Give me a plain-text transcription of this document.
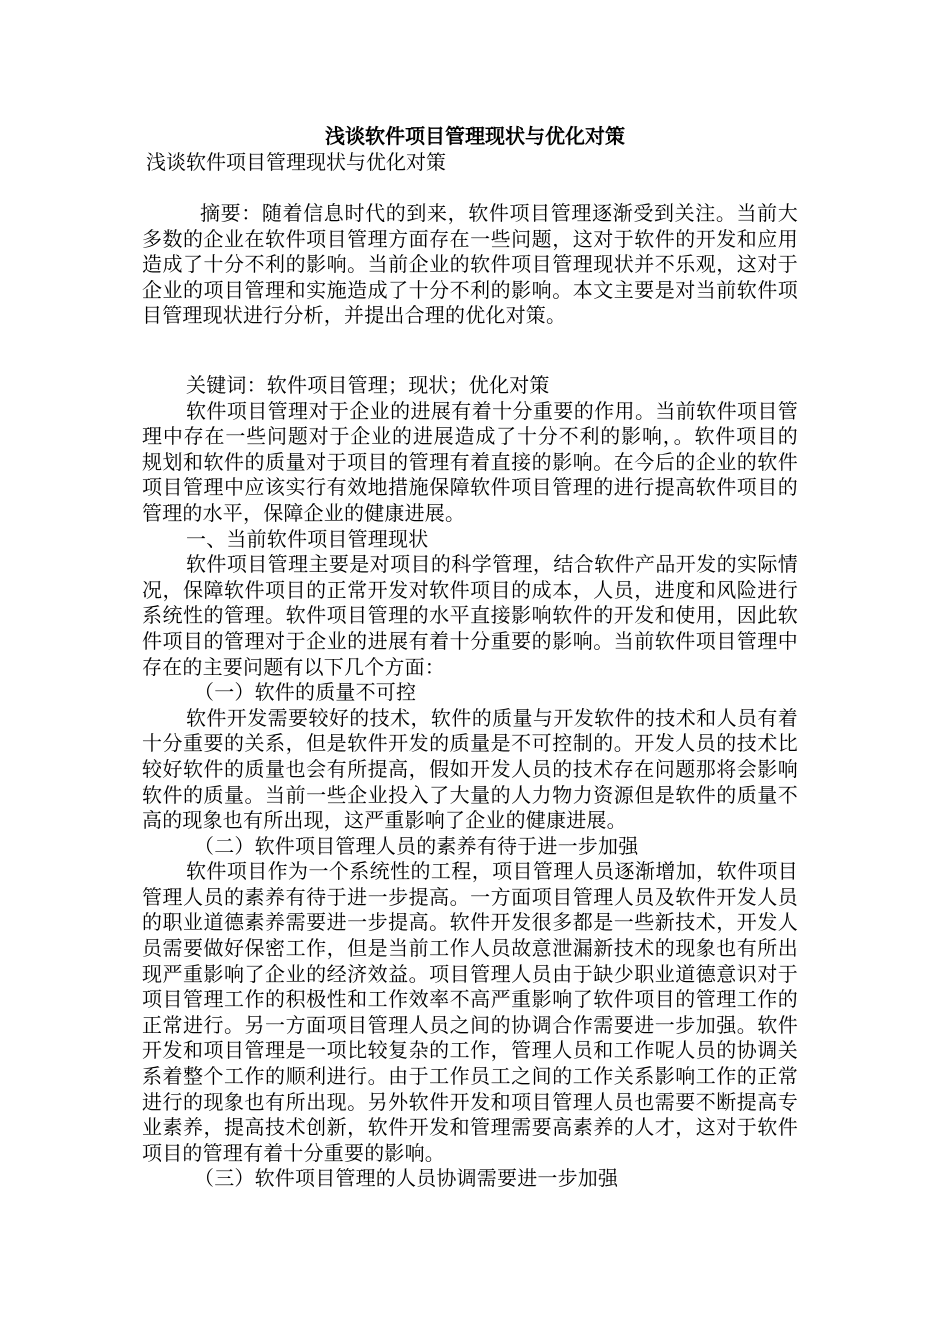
浅谈软件项目管理现状与优化对策
浅谈软件项目管理现状与优化对策

摘要：随着信息时代的到来，软件项目管理逐渐受到关注。当前大多数的企业在软件项目管理方面存在一些问题，这对于软件的开发和应用造成了十分不利的影响。当前企业的软件项目管理现状并不乐观，这对于企业的项目管理和实施造成了十分不利的影响。本文主要是对当前软件项目管理现状进行分析，并提出合理的优化对策。

关键词：软件项目管理；现状；优化对策

软件项目管理对于企业的进展有着十分重要的作用。当前软件项目管理中存在一些问题对于企业的进展造成了十分不利的影响，。软件项目的规划和软件的质量对于项目的管理有着直接的影响。在今后的企业的软件项目管理中应该实行有效地措施保障软件项目管理的进行提高软件项目的管理的水平，保障企业的健康进展。

一、当前软件项目管理现状

软件项目管理主要是对项目的科学管理，结合软件产品开发的实际情况，保障软件项目的正常开发对软件项目的成本，人员，进度和风险进行系统性的管理。软件项目管理的水平直接影响软件的开发和使用，因此软件项目的管理对于企业的进展有着十分重要的影响。当前软件项目管理中存在的主要问题有以下几个方面：

（一）软件的质量不可控

软件开发需要较好的技术，软件的质量与开发软件的技术和人员有着十分重要的关系，但是软件开发的质量是不可控制的。开发人员的技术比较好软件的质量也会有所提高，假如开发人员的技术存在问题那将会影响软件的质量。当前一些企业投入了大量的人力物力资源但是软件的质量不高的现象也有所出现，这严重影响了企业的健康进展。

（二）软件项目管理人员的素养有待于进一步加强

软件项目作为一个系统性的工程，项目管理人员逐渐增加，软件项目管理人员的素养有待于进一步提高。一方面项目管理人员及软件开发人员的职业道德素养需要进一步提高。软件开发很多都是一些新技术，开发人员需要做好保密工作，但是当前工作人员故意泄漏新技术的现象也有所出现严重影响了企业的经济效益。项目管理人员由于缺少职业道德意识对于项目管理工作的积极性和工作效率不高严重影响了软件项目的管理工作的正常进行。另一方面项目管理人员之间的协调合作需要进一步加强。软件开发和项目管理是一项比较复杂的工作，管理人员和工作呢人员的协调关系着整个工作的顺利进行。由于工作员工之间的工作关系影响工作的正常进行的现象也有所出现。另外软件开发和项目管理人员也需要不断提高专业素养，提高技术创新，软件开发和管理需要高素养的人才，这对于软件项目的管理有着十分重要的影响。

（三）软件项目管理的人员协调需要进一步加强
